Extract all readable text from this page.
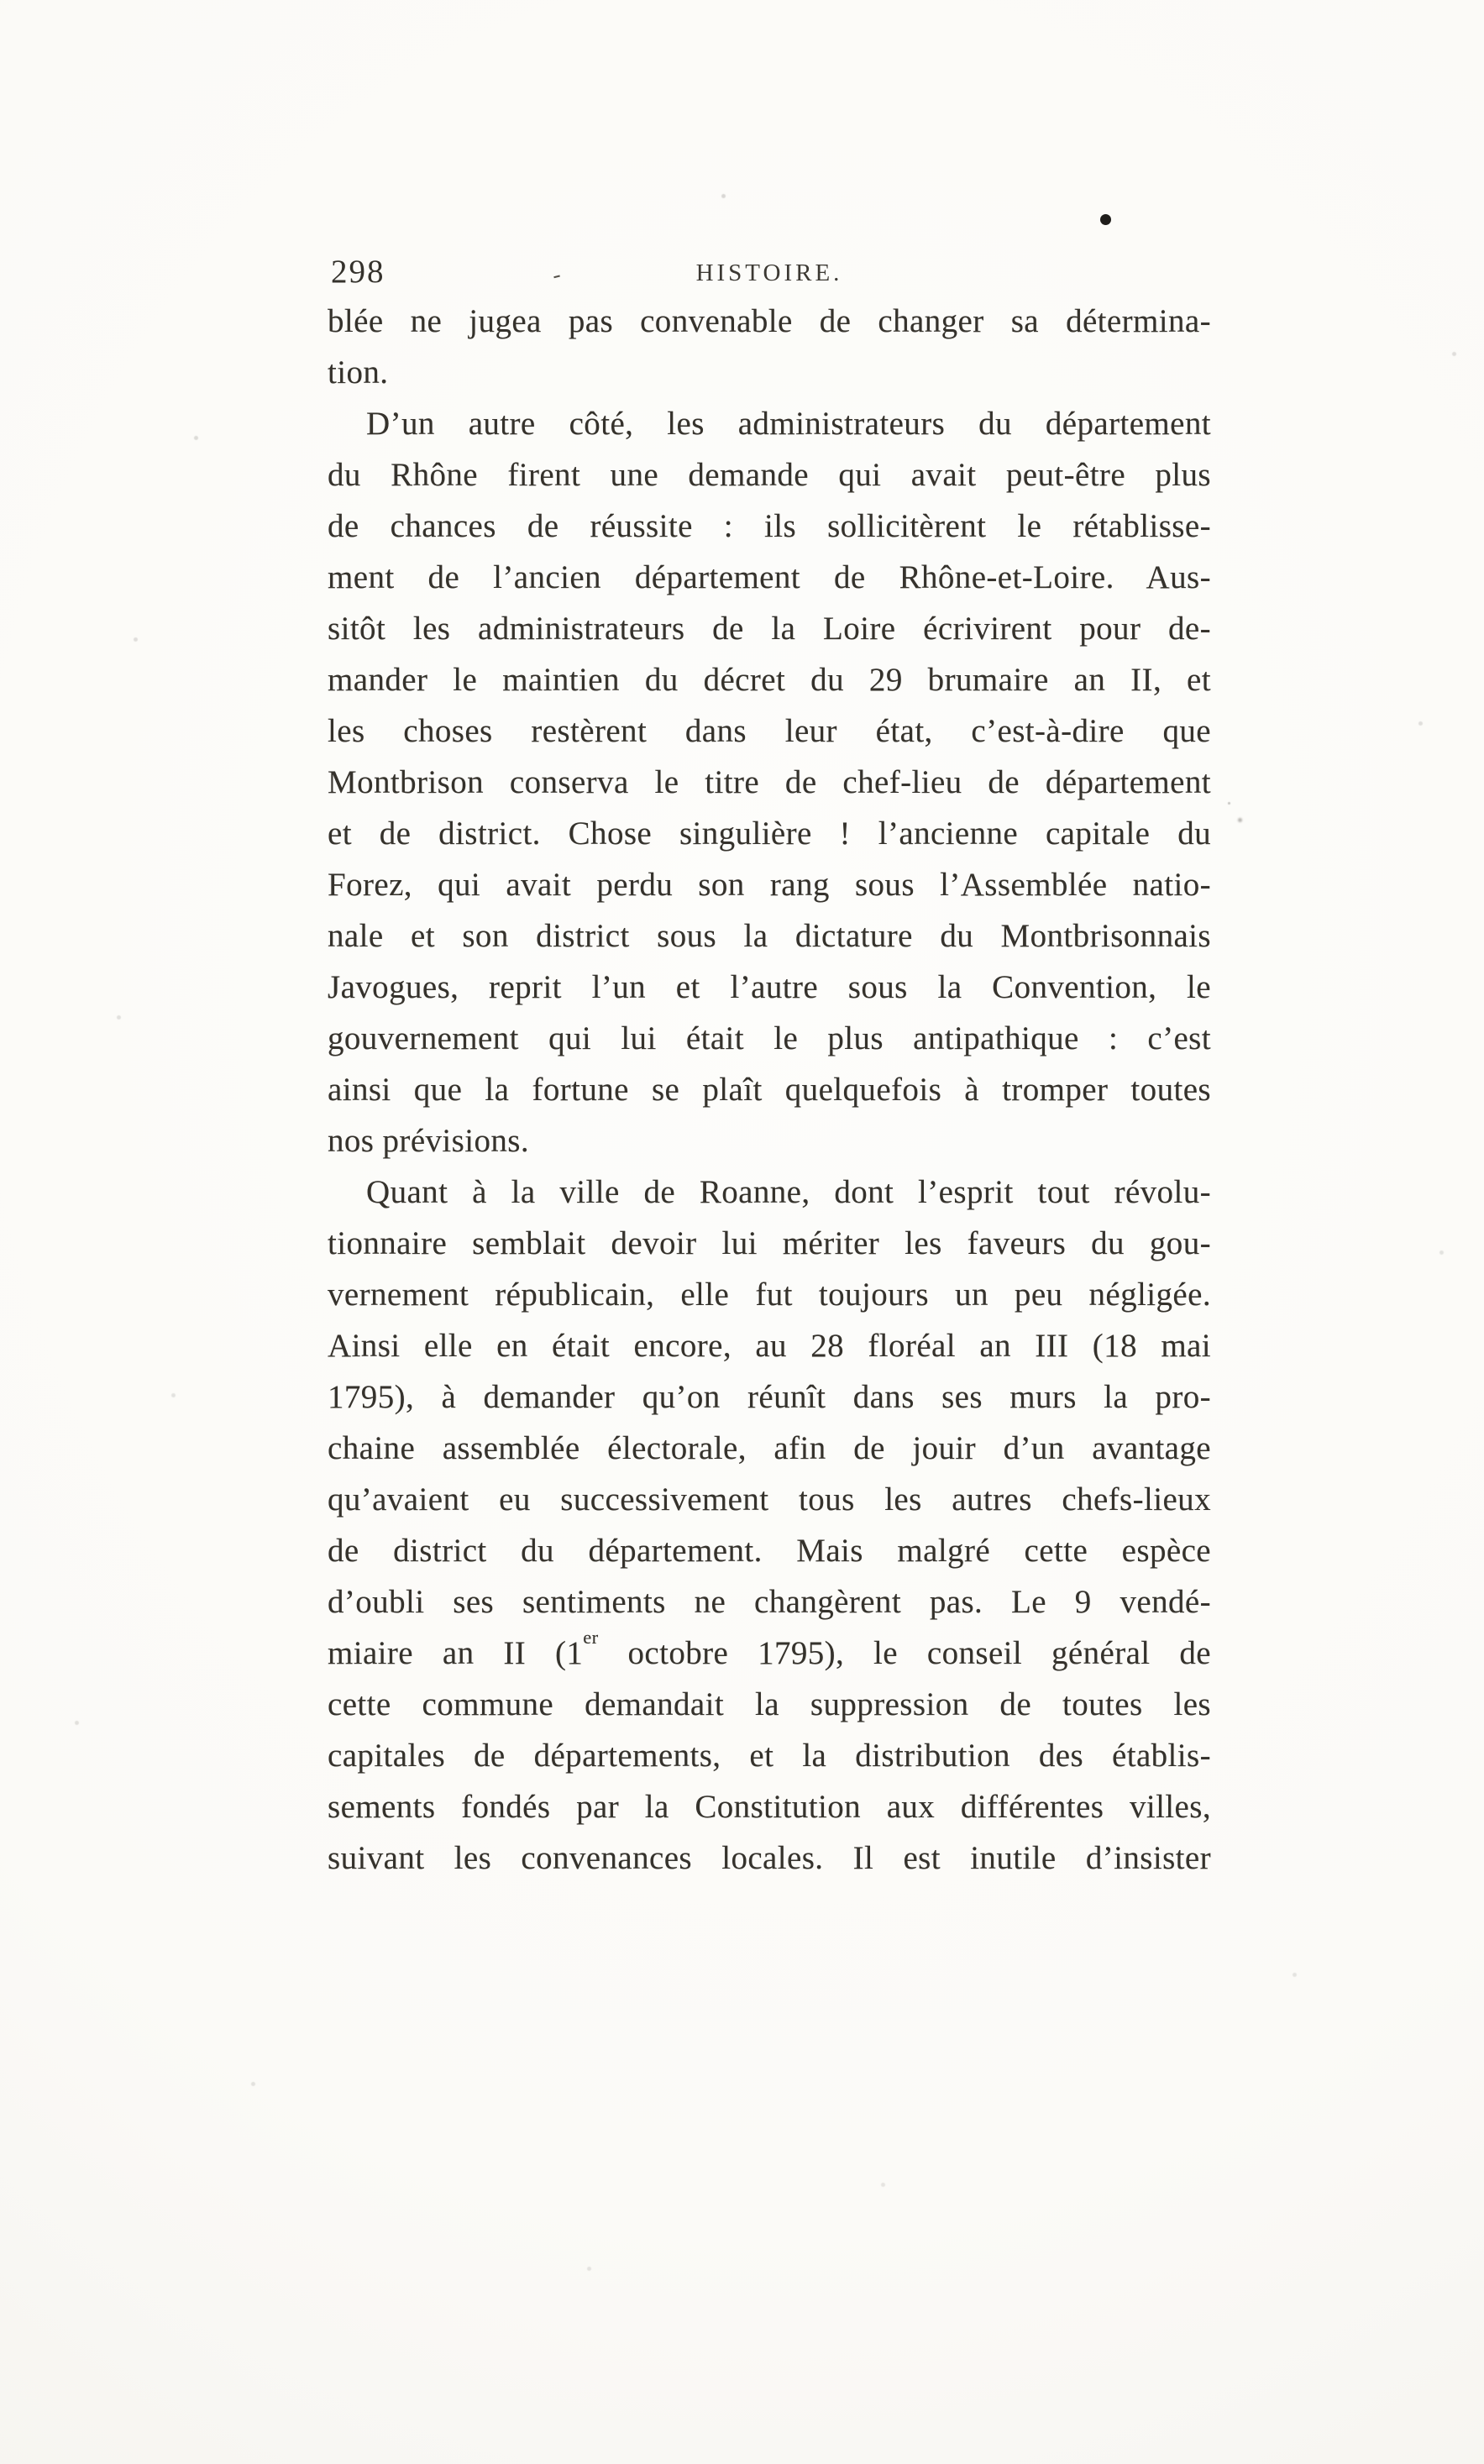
298	-	HISTOIRE.
blée ne jugea pas convenable de changer sa détermina-
tion.
D’un autre côté, les administrateurs du département
du Rhône firent une demande qui avait peut-être plus
de chances de réussite : ils sollicitèrent le rétablisse-
ment de l’ancien département de Rhône-et-Loire. Aus-
sitôt les administrateurs de la Loire écrivirent pour de-
mander le maintien du décret du 29 brumaire an II, et
les choses restèrent dans leur état, c’est-à-dire que
Montbrison conserva le titre de chef-lieu de département
et de district. Chose singulière ! l’ancienne capitale du
Forez, qui avait perdu son rang sous l’Assemblée natio-
nale et son district sous la dictature du Montbrisonnais
Javogues, reprit l’un et l’autre sous la Convention, le
gouvernement qui lui était le plus antipathique : c’est
ainsi que la fortune se plaît quelquefois à tromper toutes
nos prévisions.
Quant à la ville de Roanne, dont l’esprit tout révolu-
tionnaire semblait devoir lui mériter les faveurs du gou-
vernement républicain, elle fut toujours un peu négligée.
Ainsi elle en était encore, au 28 floréal an III (18 mai
1795), à demander qu’on réunît dans ses murs la pro-
chaine assemblée électorale, afin de jouir d’un avantage
qu’avaient eu successivement tous les autres chefs-lieux
de district du département. Mais malgré cette espèce
d’oubli ses sentiments ne changèrent pas. Le 9 vendé-
miaire an II (1er octobre 1795), le conseil général de
cette commune demandait la suppression de toutes les
capitales de départements, et la distribution des établis-
sements fondés par la Constitution aux différentes villes,
suivant les convenances locales. Il est inutile d’insister
